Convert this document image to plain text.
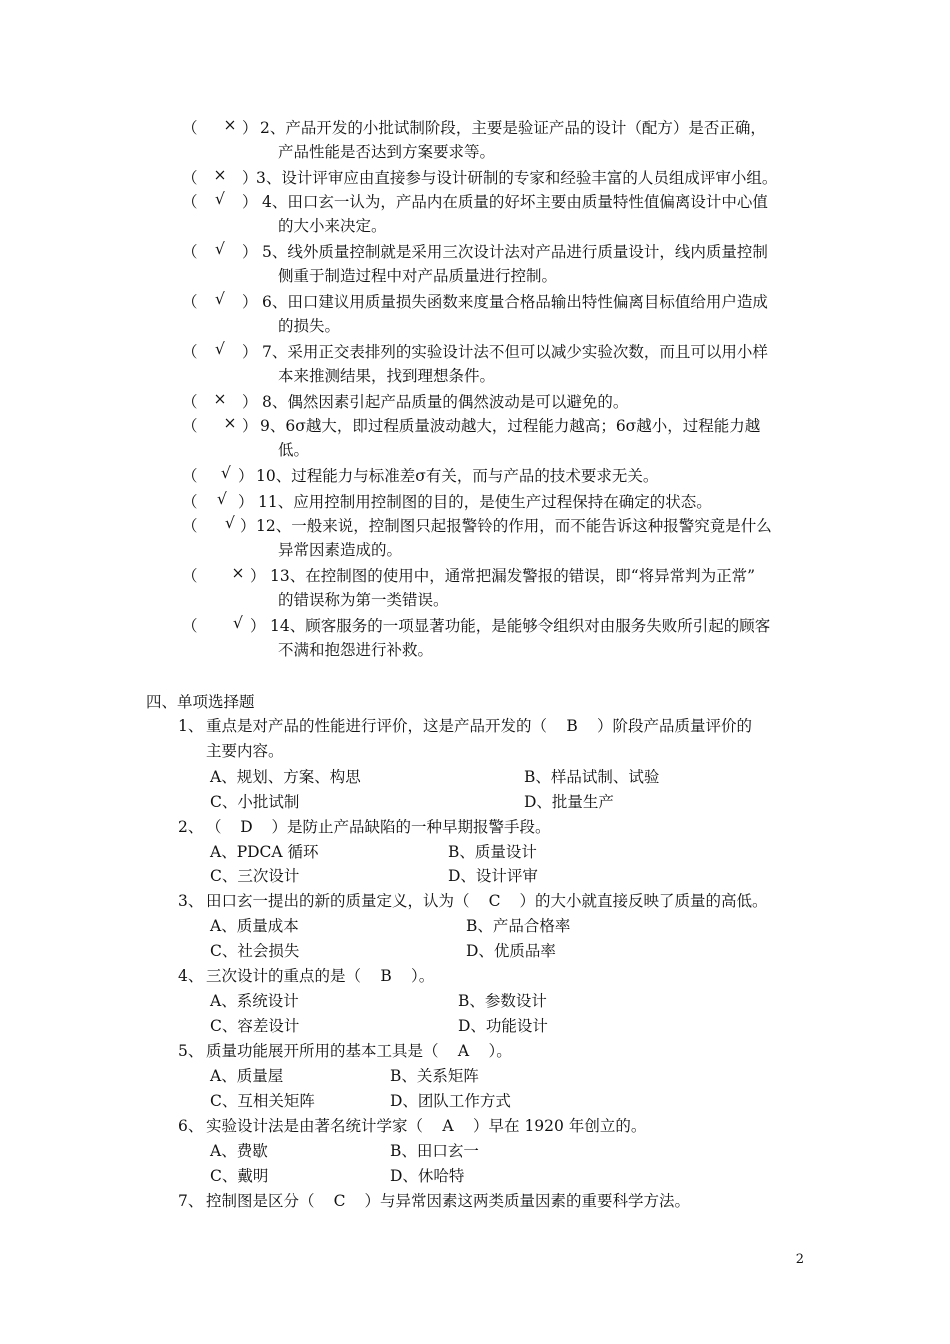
（	× ） 2、产品开发的小批试制阶段，主要是验证产品的设计（配方）是否正确，
产品性能是否达到方案要求等。
（	×	）
3、设计评审应由直接参与设计研制的专家和经验丰富的人员组成评审小组。
（	√	） 4、田口玄一认为，产品内在质量的好坏主要由质量特性值偏离设计中心值
的大小来决定。
（	√	） 5、线外质量控制就是采用三次设计法对产品进行质量设计，线内质量控制
侧重于制造过程中对产品质量进行控制。
（	√	） 6、田口建议用质量损失函数来度量合格品输出特性偏离目标值给用户造成
的损失。
（	√	） 7、采用正交表排列的实验设计法不但可以减少实验次数，而且可以用小样
本来推测结果，找到理想条件。
（	×	） 8、偶然因素引起产品质量的偶然波动是可以避免的。
（	× ） 9、6σ越大，即过程质量波动越大，过程能力越高；6σ越小，过程能力越
低。
（	√ ） 10、过程能力与标准差σ有关，而与产品的技术要求无关。
（	√ ） 11、应用控制用控制图的目的，是使生产过程保持在确定的状态。
（	√ ） 12、一般来说，控制图只起报警铃的作用，而不能告诉这种报警究竟是什么
异常因素造成的。
（	× ） 13、在控制图的使用中，通常把漏发警报的错误，即“将异常判为正常”
的错误称为第一类错误。
（	√ ） 14、顾客服务的一项显著功能，是能够令组织对由服务失败所引起的顾客
不满和抱怨进行补救。
四、单项选择题
1、 重点是对产品的性能进行评价，这是产品开发的（ B ）阶段产品质量评价的
主要内容。
A、规划、方案、构思	B、样品试制、试验
C、小批试制	D、批量生产
2、 （ D ）是防止产品缺陷的一种早期报警手段。
A、PDCA 循环	B、质量设计
C、三次设计	D、设计评审
3、 田口玄一提出的新的质量定义，认为（ C ）的大小就直接反映了质量的高低。
A、质量成本	B、产品合格率
C、社会损失	D、优质品率
4、 三次设计的重点的是（ B ）。
A、系统设计	B、参数设计
C、容差设计	D、功能设计
5、 质量功能展开所用的基本工具是（ A ）。
A、质量屋	B、关系矩阵
C、互相关矩阵	D、团队工作方式
6、 实验设计法是由著名统计学家（ A ）早在 1920 年创立的。
A、费歇	B、田口玄一
C、戴明	D、休哈特
7、 控制图是区分（ C ）与异常因素这两类质量因素的重要科学方法。
2
